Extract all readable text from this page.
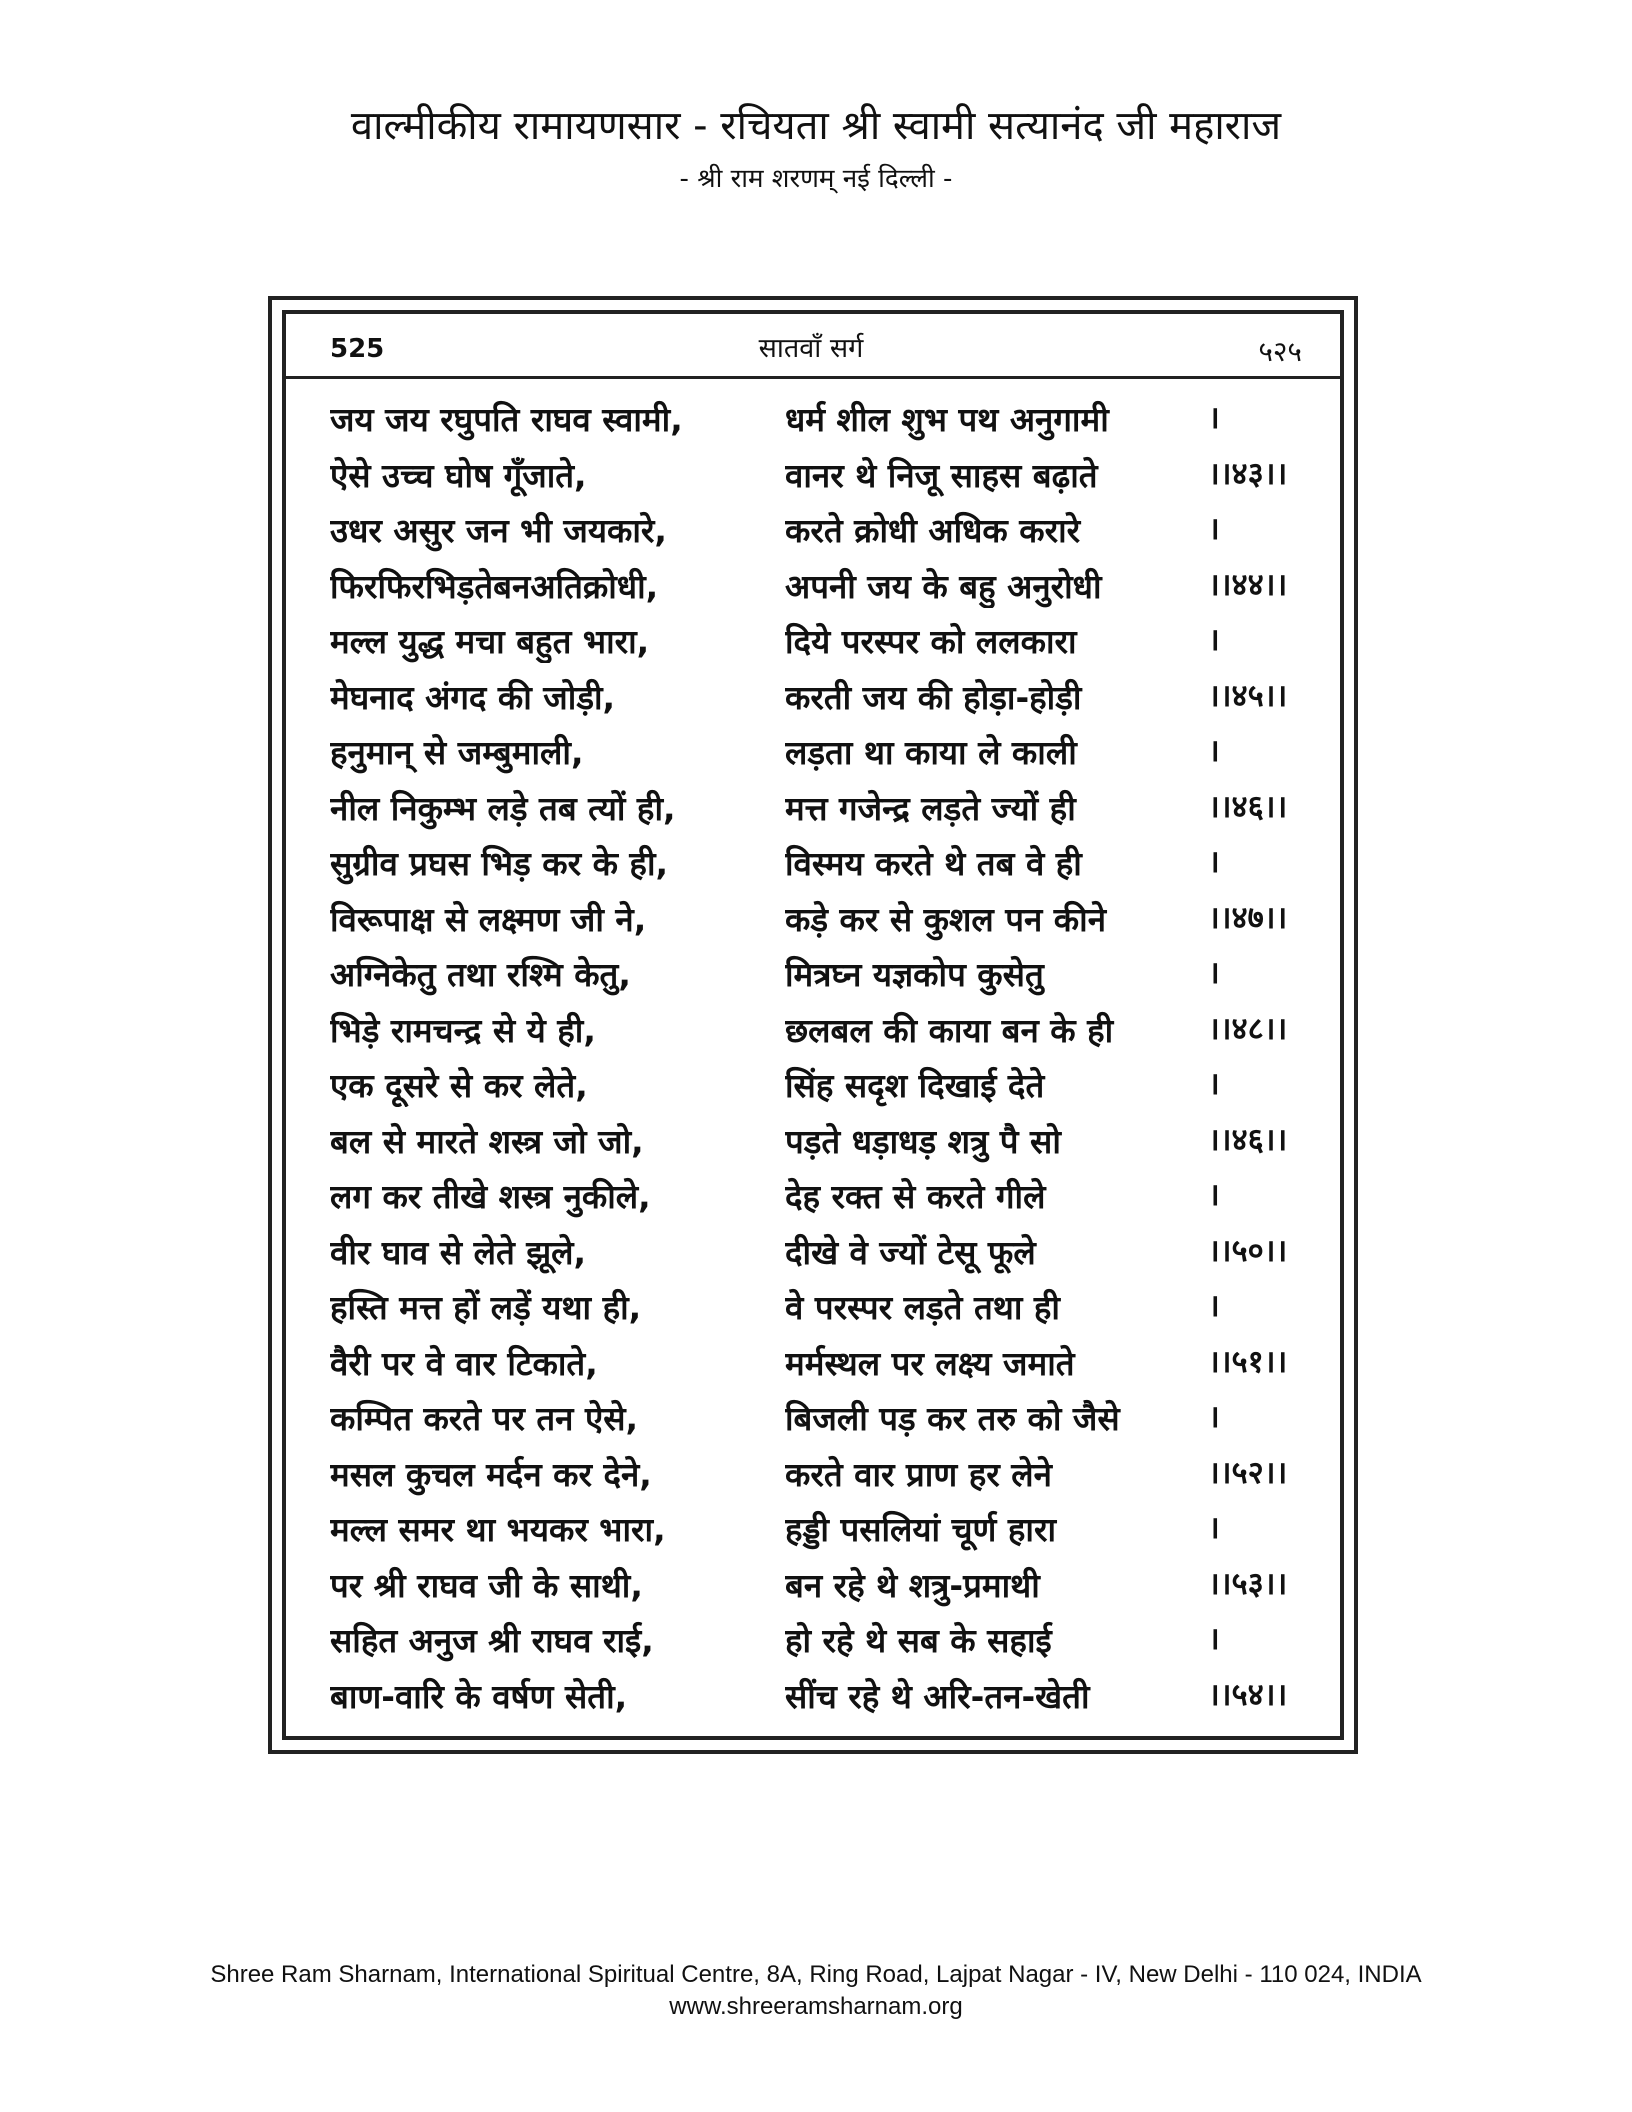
वाल्मीकीय रामायणसार - रचियता श्री स्वामी सत्यानंद जी महाराज
- श्री राम शरणम् नई दिल्ली -
525	सातवाँ सर्ग	५२५
जय जय रघुपति राघव स्वामी,	धर्म शील शुभ पथ अनुगामी	।
ऐसे उच्च घोष गूँजाते,	वानर थे निजू साहस बढ़ाते	।।४३।।
उधर असुर जन भी जयकारे,	करते क्रोधी अधिक करारे	।
फिरफिरभिड़तेबनअतिक्रोधी,	अपनी जय के बहु अनुरोधी	।।४४।।
मल्ल युद्ध मचा बहुत भारा,	दिये परस्पर को ललकारा	।
मेघनाद अंगद की जोड़ी,	करती जय की होड़ा-होड़ी	।।४५।।
हनुमान् से जम्बुमाली,	लड़ता था काया ले काली	।
नील निकुम्भ लड़े तब त्यों ही,	मत्त गजेन्द्र लड़ते ज्यों ही	।।४६।।
सुग्रीव प्रघस भिड़ कर के ही,	विस्मय करते थे तब वे ही	।
विरूपाक्ष से लक्ष्मण जी ने,	कड़े कर से कुशल पन कीने	।।४७।।
अग्निकेतु तथा रश्मि केतु,	मित्रघ्न यज्ञकोप कुसेतु	।
भिड़े रामचन्द्र से ये ही,	छलबल की काया बन के ही	।।४८।।
एक दूसरे से कर लेते,	सिंह सदृश दिखाई देते	।
बल से मारते शस्त्र जो जो,	पड़ते धड़ाधड़ शत्रु पै सो	।।४६।।
लग कर तीखे शस्त्र नुकीले,	देह रक्त से करते गीले	।
वीर घाव से लेते झूले,	दीखे वे ज्यों टेसू फूले	।।५०।।
हस्ति मत्त हों लड़ें यथा ही,	वे परस्पर लड़ते तथा ही	।
वैरी पर वे वार टिकाते,	मर्मस्थल पर लक्ष्य जमाते	।।५१।।
कम्पित करते पर तन ऐसे,	बिजली पड़ कर तरु को जैसे	।
मसल कुचल मर्दन कर देने,	करते वार प्राण हर लेने	।।५२।।
मल्ल समर था भयकर भारा,	हड्डी पसलियां चूर्ण हारा	।
पर श्री राघव जी के साथी,	बन रहे थे शत्रु-प्रमाथी	।।५३।।
सहित अनुज श्री राघव राई,	हो रहे थे सब के सहाई	।
बाण-वारि के वर्षण सेती,	सींच रहे थे अरि-तन-खेती	।।५४।।
Shree Ram Sharnam, International Spiritual Centre, 8A, Ring Road, Lajpat Nagar - IV, New Delhi - 110 024, INDIA
www.shreeramsharnam.org
